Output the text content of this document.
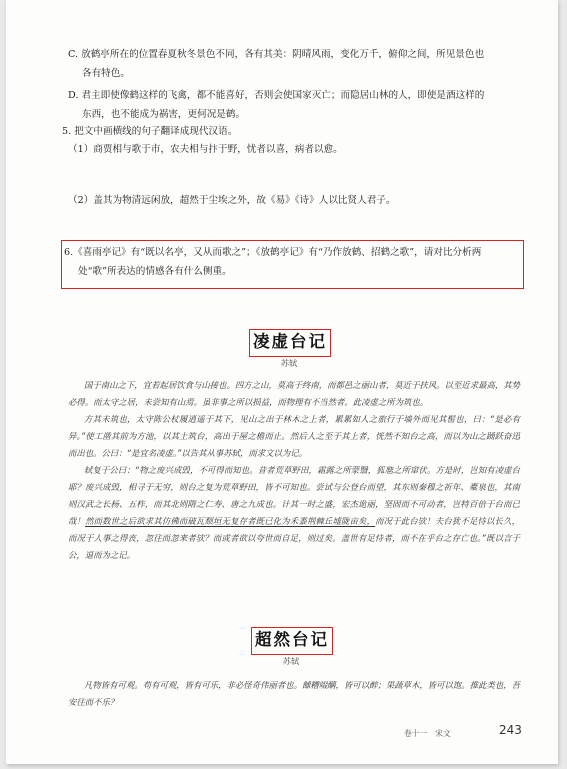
C. 放鹤亭所在的位置春夏秋冬景色不同，各有其美：阴晴风雨，变化万千，俯仰之间，所见景色也
各有特色。
D. 君主即使像鹤这样的飞禽，都不能喜好，否则会使国家灭亡；而隐居山林的人，即使是酒这样的
东西，也不能成为祸害，更何况是鹤。
5. 把文中画横线的句子翻译成现代汉语。
（1）商贾相与歌于市，农夫相与抃于野，忧者以喜，病者以愈。
（2）盖其为物清远闲放，超然于尘埃之外，故《易》《诗》人以比贤人君子。
6.《喜雨亭记》有“既以名亭，又从而歌之”；《放鹤亭记》有“乃作放鹤、招鹤之歌”，请对比分析两
处“歌”所表达的情感各有什么侧重。
凌虚台记
苏轼

国于南山之下，宜若起居饮食与山接也。四方之山，莫高于终南，而都邑之丽山者，莫近于扶风。以至近求最高，其势必得。而太守之居，未尝知有山焉。虽非事之所以损益，而物理有不当然者。此凌虚之所为筑也。

方其未筑也，太守陈公杖履逍遥于其下，见山之出于林木之上者，累累如人之旅行于墙外而见其髻也，曰：“是必有异。”使工凿其前为方池，以其土筑台，高出于屋之檐而止。然后人之至于其上者，恍然不知台之高，而以为山之踊跃奋迅而出也。公曰：“是宜名凌虚。”以告其从事苏轼，而求文以为记。

轼复于公曰：“物之废兴成毁，不可得而知也。昔者荒草野田，霜露之所蒙翳，狐虺之所窜伏。方是时，岂知有凌虚台耶？废兴成毁，相寻于无穷，则台之复为荒草野田，皆不可知也。尝试与公登台而望，其东则秦穆之祈年、橐泉也，其南则汉武之长杨、五柞，而其北则隋之仁寿、唐之九成也。计其一时之盛，宏杰诡丽，坚固而不可动者，岂特百倍于台而已哉！然而数世之后欲求其仿佛而破瓦颓垣无复存者既已化为禾黍荆棘丘墟陇亩矣，而况于此台欤！夫台犹不足恃以长久，而况于人事之得丧，忽往而忽来者欤？而或者欲以夸世而自足，则过矣。盖世有足恃者，而不在乎台之存亡也。”既以言于公，退而为之记。

超然台记
苏轼

凡物皆有可观。苟有可观，皆有可乐，非必怪奇伟丽者也。餔糟啜醨，皆可以醉；果蔬草木，皆可以饱。推此类也，吾安往而不乐？

卷十一　宋文	243
